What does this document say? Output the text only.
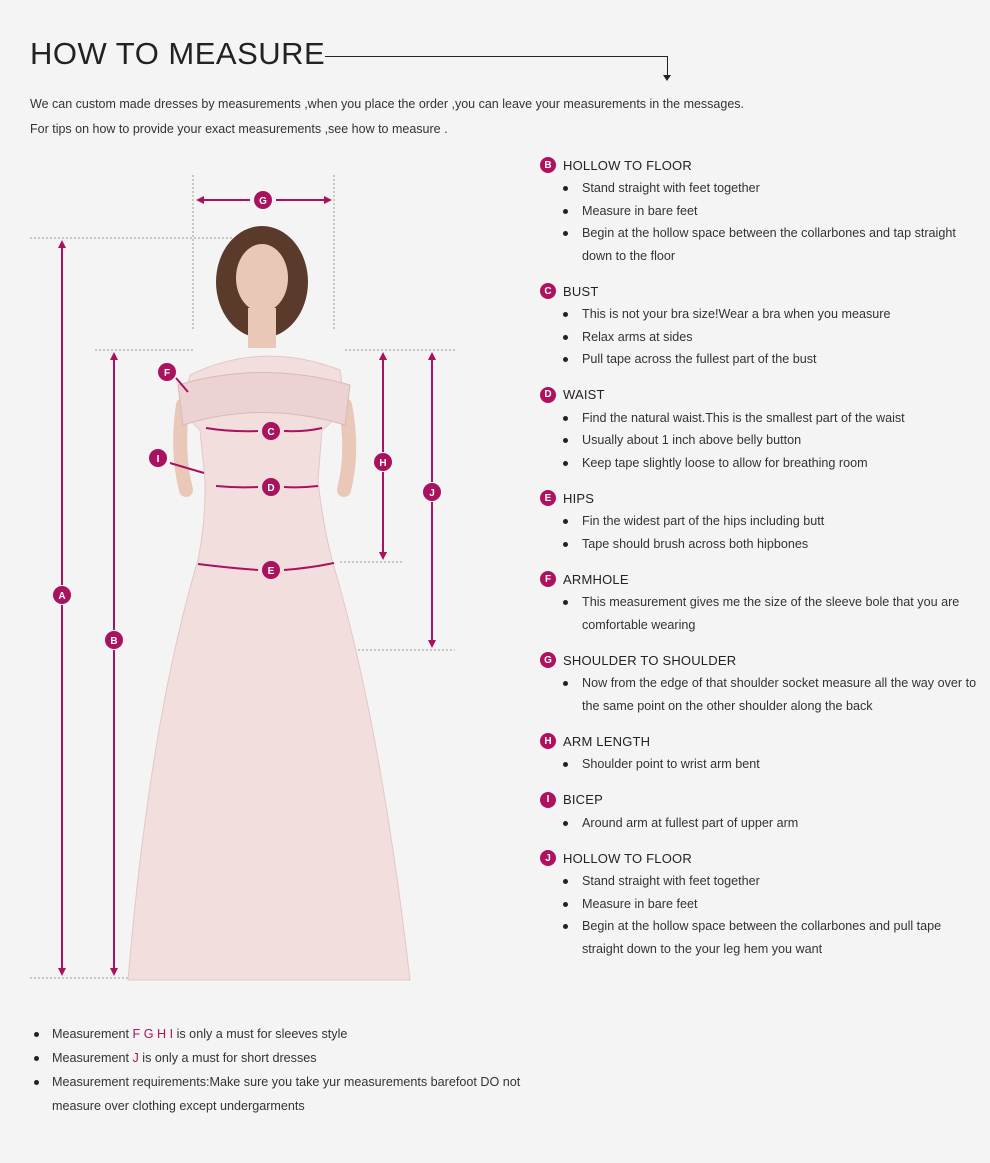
HOW TO MEASURE
We can custom made dresses by measurements ,when you place the order ,you can leave your measurements in the messages.
For tips on how to provide your exact measurements ,see how to measure .
G
F
C
I
D
E
H
J
A
B
B HOLLOW TO FLOOR
Stand straight with feet together
Measure in bare feet
Begin at the hollow space between the collarbones and tap straight down to the floor
C BUST
This is not your bra size!Wear a bra when you measure
Relax arms at sides
Pull tape across the fullest part of the bust
D WAIST
Find the natural waist.This is the smallest part of the waist
Usually about 1 inch above belly button
Keep tape slightly loose to allow for breathing room
E HIPS
Fin the widest part of the hips including butt
Tape should brush across both hipbones
F ARMHOLE
This measurement gives me the size of the sleeve bole that you are comfortable wearing
G SHOULDER TO SHOULDER
Now from the edge of that shoulder socket measure all the way over to the same point on the other shoulder along the back
H ARM LENGTH
Shoulder point to wrist arm bent
I	BICEP
Around arm at fullest part of upper arm
J HOLLOW TO FLOOR
Stand straight with feet together
Measure in bare feet
Begin at the hollow space between the collarbones and pull tape straight down to the your leg hem you want
Measurement F G H I is only a must for sleeves style
Measurement J is only a must for short dresses
Measurement requirements:Make sure you take yur measurements barefoot DO not measure over clothing except undergarments
